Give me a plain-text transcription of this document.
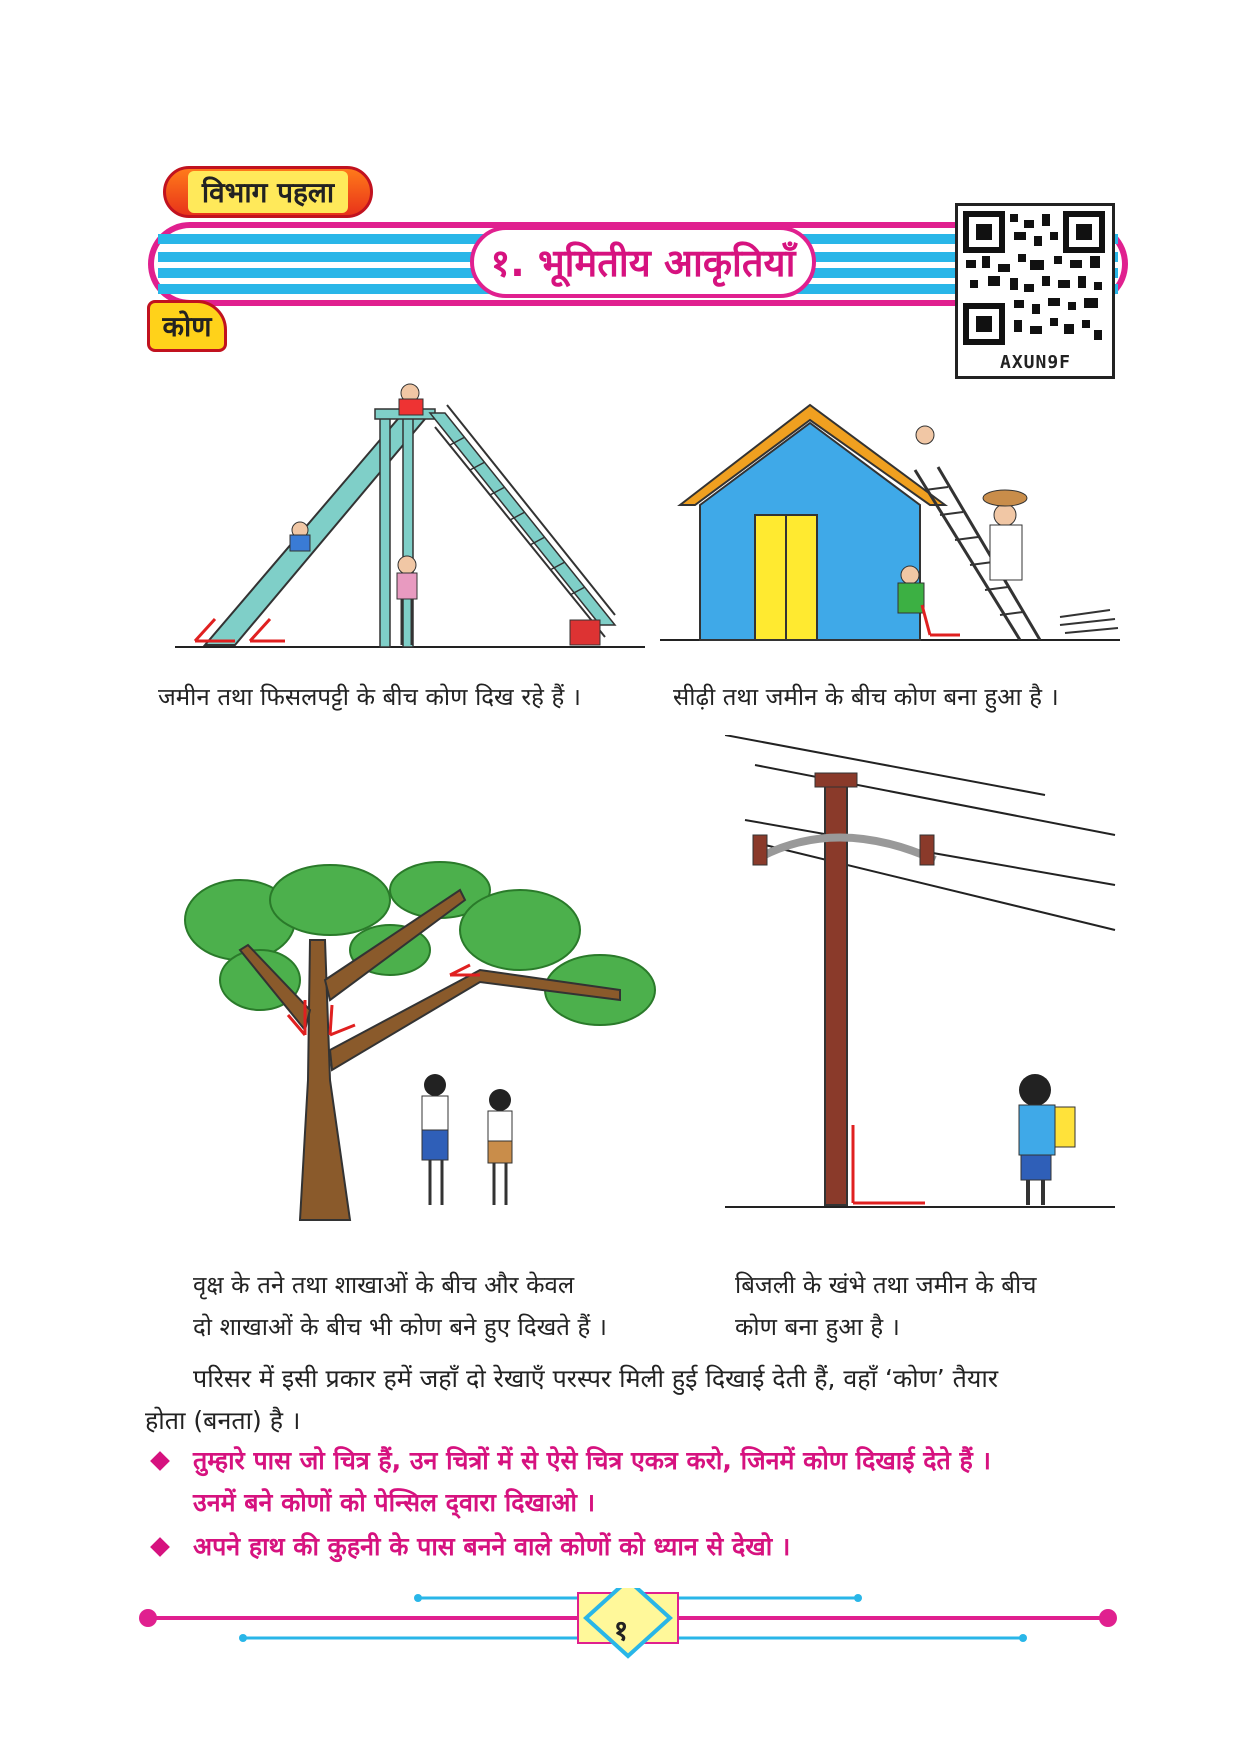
विभाग पहला
१. भूमितीय आकृतियाँ
AXUN9F
कोण
जमीन तथा फिसलपट्टी के बीच कोण दिख रहे हैं ।	सीढ़ी तथा जमीन के बीच कोण बना हुआ है ।
वृक्ष के तने तथा शाखाओं के बीच और केवल
दो शाखाओं के बीच भी कोण बने हुए दिखते हैं ।
बिजली के खंभे तथा जमीन के बीच
कोण बना हुआ है ।
परिसर में इसी प्रकार हमें जहाँ दो रेखाएँ परस्पर मिली हुई दिखाई देती हैं, वहाँ ‘कोण’ तैयार
होता (बनता) है ।
तुम्हारे पास जो चित्र हैं, उन चित्रों में से ऐसे चित्र एकत्र करो, जिनमें कोण दिखाई देते हैं ।
उनमें बने कोणों को पेन्सिल द्‌वारा दिखाओ ।
अपने हाथ की कुहनी के पास बनने वाले कोणों को ध्यान से देखो ।
१
